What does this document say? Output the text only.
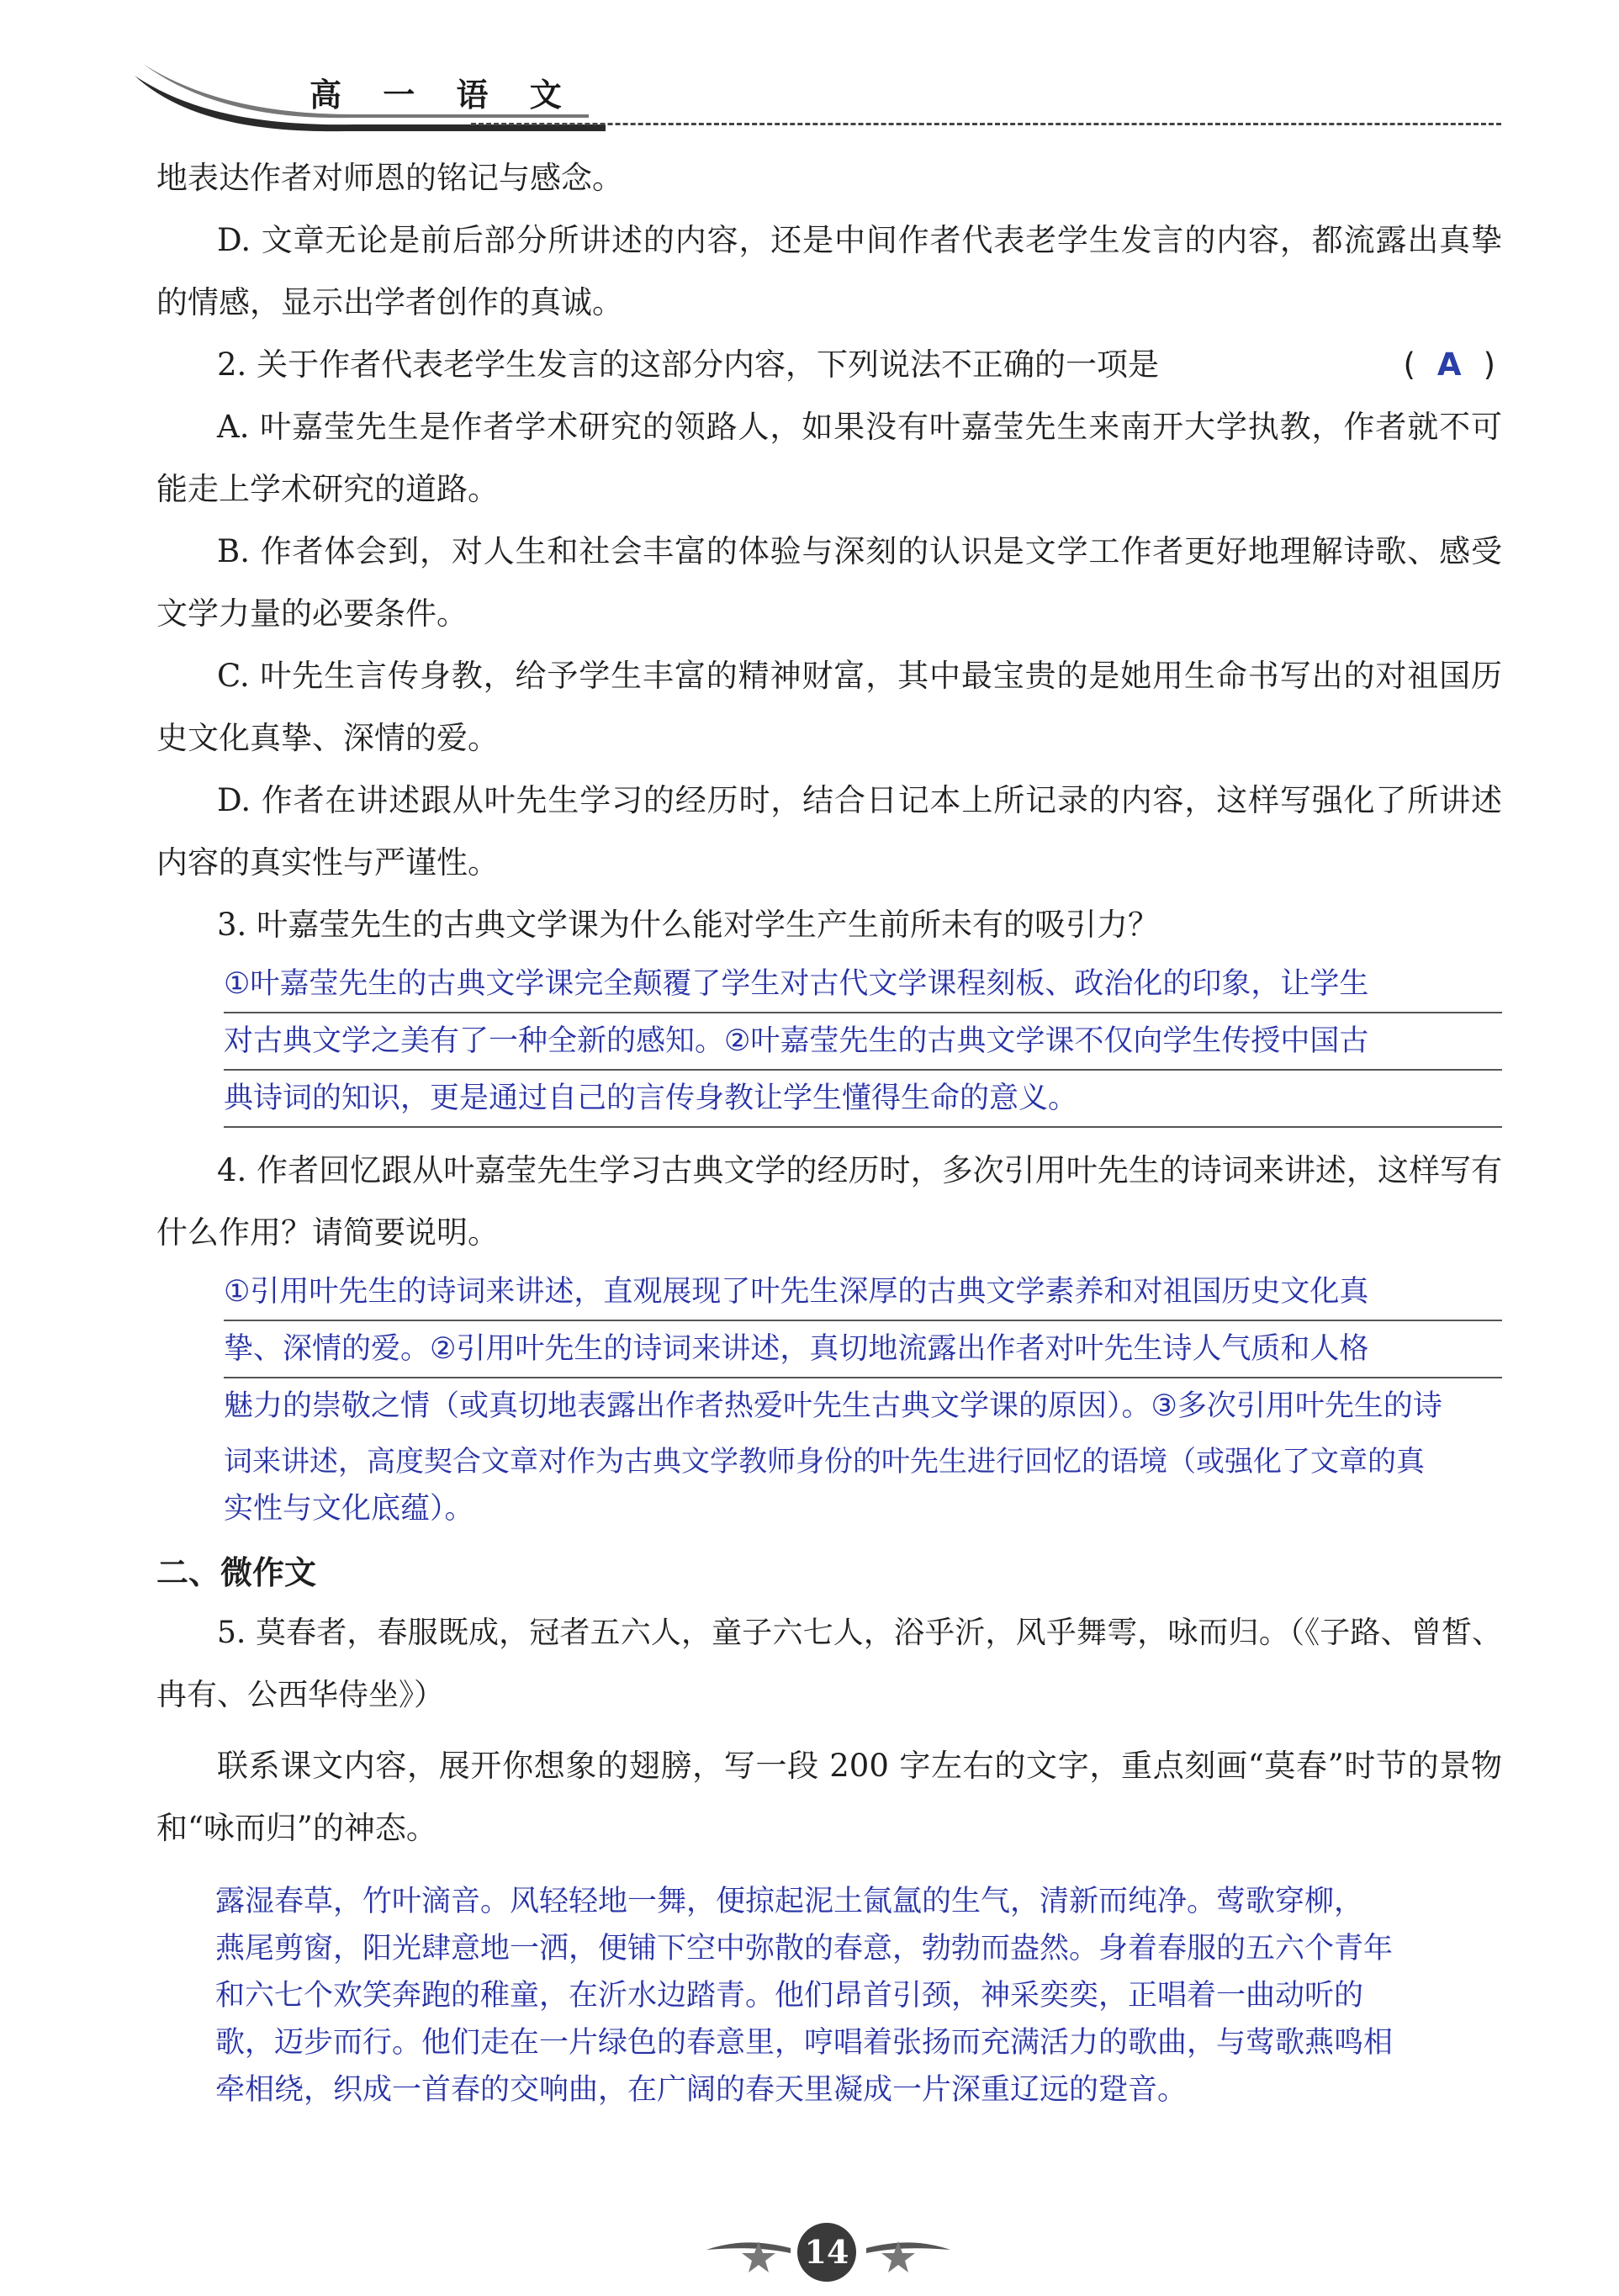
高 一 语 文

地表达作者对师恩的铭记与感念。

D. 文章无论是前后部分所讲述的内容，还是中间作者代表老学生发言的内容，都流露出真挚的情感，显示出学者创作的真诚。

2. 关于作者代表老学生发言的这部分内容，下列说法不正确的一项是	( A )

A. 叶嘉莹先生是作者学术研究的领路人，如果没有叶嘉莹先生来南开大学执教，作者就不可能走上学术研究的道路。

B. 作者体会到，对人生和社会丰富的体验与深刻的认识是文学工作者更好地理解诗歌、感受文学力量的必要条件。

C. 叶先生言传身教，给予学生丰富的精神财富，其中最宝贵的是她用生命书写出的对祖国历史文化真挚、深情的爱。

D. 作者在讲述跟从叶先生学习的经历时，结合日记本上所记录的内容，这样写强化了所讲述内容的真实性与严谨性。

3. 叶嘉莹先生的古典文学课为什么能对学生产生前所未有的吸引力？

①叶嘉莹先生的古典文学课完全颠覆了学生对古代文学课程刻板、政治化的印象，让学生
对古典文学之美有了一种全新的感知。②叶嘉莹先生的古典文学课不仅向学生传授中国古
典诗词的知识，更是通过自己的言传身教让学生懂得生命的意义。

4. 作者回忆跟从叶嘉莹先生学习古典文学的经历时，多次引用叶先生的诗词来讲述，这样写有什么作用？请简要说明。

①引用叶先生的诗词来讲述，直观展现了叶先生深厚的古典文学素养和对祖国历史文化真
挚、深情的爱。②引用叶先生的诗词来讲述，真切地流露出作者对叶先生诗人气质和人格
魅力的崇敬之情（或真切地表露出作者热爱叶先生古典文学课的原因）。③多次引用叶先生的诗
词来讲述，高度契合文章对作为古典文学教师身份的叶先生进行回忆的语境（或强化了文章的真
实性与文化底蕴）。
二、微作文

5. 莫春者，春服既成，冠者五六人，童子六七人，浴乎沂，风乎舞雩，咏而归。（《子路、曾皙、冉有、公西华侍坐》）

联系课文内容，展开你想象的翅膀，写一段 200 字左右的文字，重点刻画“莫春”时节的景物和“咏而归”的神态。

露湿春草，竹叶滴音。风轻轻地一舞，便掠起泥土氤氲的生气，清新而纯净。莺歌穿柳，
燕尾剪窗，阳光肆意地一洒，便铺下空中弥散的春意，勃勃而盎然。身着春服的五六个青年
和六七个欢笑奔跑的稚童，在沂水边踏青。他们昂首引颈，神采奕奕，正唱着一曲动听的
歌，迈步而行。他们走在一片绿色的春意里，哼唱着张扬而充满活力的歌曲，与莺歌燕鸣相
牵相绕，织成一首春的交响曲，在广阔的春天里凝成一片深重辽远的跫音。
14
